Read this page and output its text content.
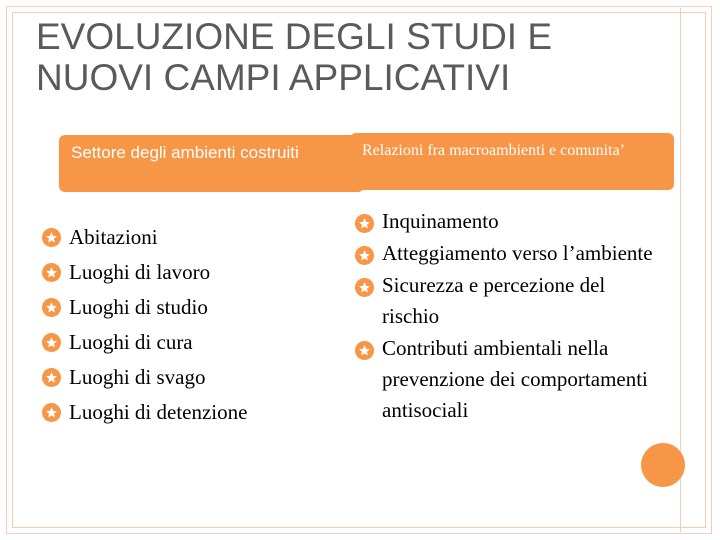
EVOLUZIONE DEGLI STUDI E NUOVI CAMPI APPLICATIVI
Settore degli ambienti costruiti	Relazioni fra macroambienti e comunita’
Abitazioni
Luoghi di lavoro
Luoghi di studio
Luoghi di cura
Luoghi di svago
Luoghi di detenzione
Inquinamento
Atteggiamento verso l’ambiente
Sicurezza e percezione del rischio
Contributi ambientali nella prevenzione dei comportamenti antisociali
